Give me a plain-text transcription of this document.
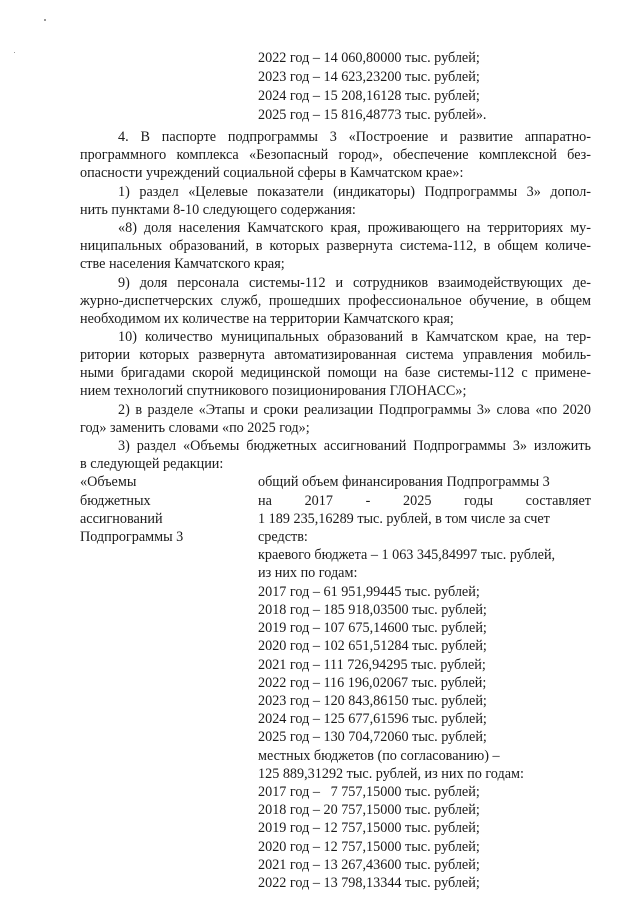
2022 год – 14 060,80000 тыс. рублей;
2023 год – 14 623,23200 тыс. рублей;
2024 год – 15 208,16128 тыс. рублей;
2025 год – 15 816,48773 тыс. рублей».
4. В паспорте подпрограммы 3 «Построение и развитие аппаратно-
программного комплекса «Безопасный город», обеспечение комплексной без-
опасности учреждений социальной сферы в Камчатском крае»:
1) раздел «Целевые показатели (индикаторы) Подпрограммы 3» допол-
нить пунктами 8-10 следующего содержания:
«8) доля населения Камчатского края, проживающего на территориях му-
ниципальных образований, в которых развернута система-112, в общем количе-
стве населения Камчатского края;
9) доля персонала системы-112 и сотрудников взаимодействующих де-
журно-диспетчерских служб, прошедших профессиональное обучение, в общем
необходимом их количестве на территории Камчатского края;
10) количество муниципальных образований в Камчатском крае, на тер-
ритории которых развернута автоматизированная система управления мобиль-
ными бригадами скорой медицинской помощи на базе системы-112 с примене-
нием технологий спутникового позиционирования ГЛОНАСС»;
2) в разделе «Этапы и сроки реализации Подпрограммы 3» слова «по 2020
год» заменить словами «по 2025 год»;
3) раздел «Объемы бюджетных ассигнований Подпрограммы 3» изложить
в следующей редакции:
«Объемы
бюджетных
ассигнований
Подпрограммы 3
общий объем финансирования Подпрограммы 3
на 2017 - 2025 годы составляет
1 189 235,16289 тыс. рублей, в том числе за счет
средств:
краевого бюджета – 1 063 345,84997 тыс. рублей,
из них по годам:
2017 год – 61 951,99445 тыс. рублей;
2018 год – 185 918,03500 тыс. рублей;
2019 год – 107 675,14600 тыс. рублей;
2020 год – 102 651,51284 тыс. рублей;
2021 год – 111 726,94295 тыс. рублей;
2022 год – 116 196,02067 тыс. рублей;
2023 год – 120 843,86150 тыс. рублей;
2024 год – 125 677,61596 тыс. рублей;
2025 год – 130 704,72060 тыс. рублей;
местных бюджетов (по согласованию) –
125 889,31292 тыс. рублей, из них по годам:
2017 год –   7 757,15000 тыс. рублей;
2018 год – 20 757,15000 тыс. рублей;
2019 год – 12 757,15000 тыс. рублей;
2020 год – 12 757,15000 тыс. рублей;
2021 год – 13 267,43600 тыс. рублей;
2022 год – 13 798,13344 тыс. рублей;
